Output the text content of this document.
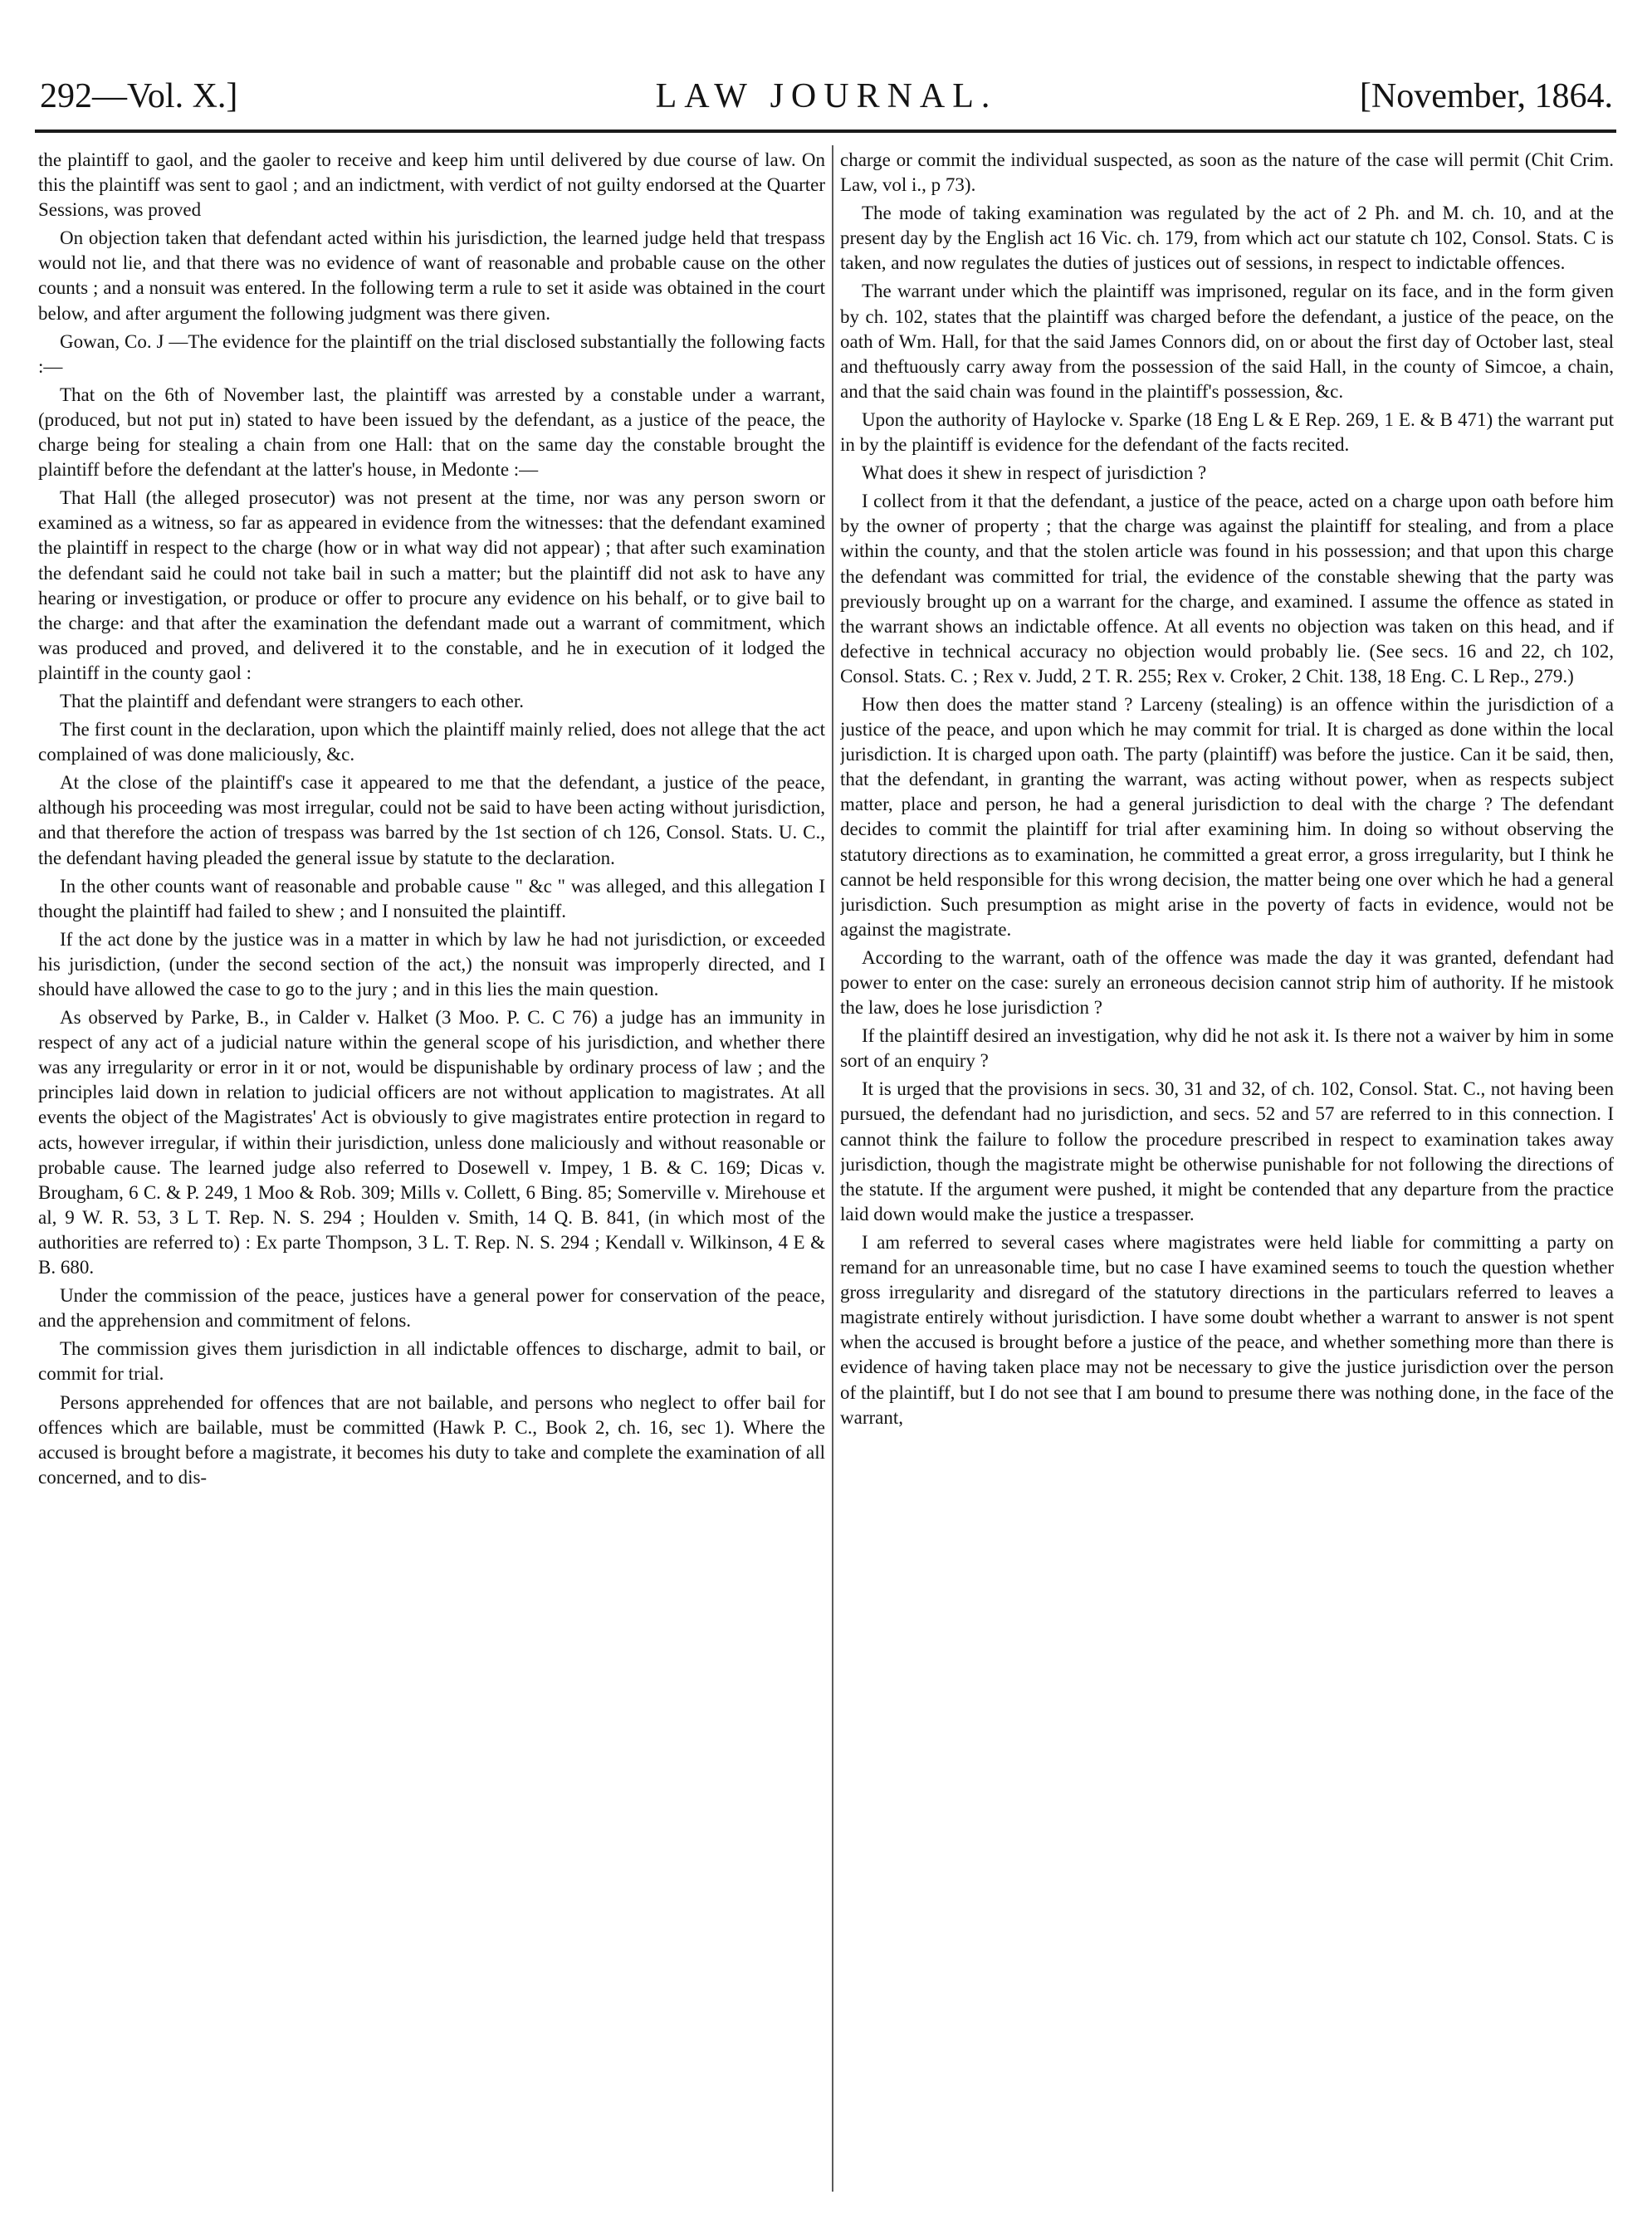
292—Vol. X.]	LAW JOURNAL.	[November, 1864.

the plaintiff to gaol, and the gaoler to receive and keep him until delivered by due course of law. On this the plaintiff was sent to gaol ; and an indictment, with verdict of not guilty endorsed at the Quarter Sessions, was proved

On objection taken that defendant acted within his jurisdiction, the learned judge held that trespass would not lie, and that there was no evidence of want of reasonable and probable cause on the other counts ; and a nonsuit was entered. In the following term a rule to set it aside was obtained in the court below, and after argument the following judgment was there given.

Gowan, Co. J —The evidence for the plaintiff on the trial disclosed substantially the following facts :—

That on the 6th of November last, the plaintiff was arrested by a constable under a warrant, (produced, but not put in) stated to have been issued by the defendant, as a justice of the peace, the charge being for stealing a chain from one Hall: that on the same day the constable brought the plaintiff before the defendant at the latter's house, in Medonte :—

That Hall (the alleged prosecutor) was not present at the time, nor was any person sworn or examined as a witness, so far as appeared in evidence from the witnesses: that the defendant examined the plaintiff in respect to the charge (how or in what way did not appear) ; that after such examination the defendant said he could not take bail in such a matter; but the plaintiff did not ask to have any hearing or investigation, or produce or offer to procure any evidence on his behalf, or to give bail to the charge: and that after the examination the defendant made out a warrant of commitment, which was produced and proved, and delivered it to the constable, and he in execution of it lodged the plaintiff in the county gaol :

That the plaintiff and defendant were strangers to each other.

The first count in the declaration, upon which the plaintiff mainly relied, does not allege that the act complained of was done maliciously, &c.

At the close of the plaintiff's case it appeared to me that the defendant, a justice of the peace, although his proceeding was most irregular, could not be said to have been acting without jurisdiction, and that therefore the action of trespass was barred by the 1st section of ch 126, Consol. Stats. U. C., the defendant having pleaded the general issue by statute to the declaration.

In the other counts want of reasonable and probable cause " &c " was alleged, and this allegation I thought the plaintiff had failed to shew ; and I nonsuited the plaintiff.

If the act done by the justice was in a matter in which by law he had not jurisdiction, or exceeded his jurisdiction, (under the second section of the act,) the nonsuit was improperly directed, and I should have allowed the case to go to the jury ; and in this lies the main question.

As observed by Parke, B., in Calder v. Halket (3 Moo. P. C. C 76) a judge has an immunity in respect of any act of a judicial nature within the general scope of his jurisdiction, and whether there was any irregularity or error in it or not, would be dispunishable by ordinary process of law ; and the principles laid down in relation to judicial officers are not without application to magistrates. At all events the object of the Magistrates' Act is obviously to give magistrates entire protection in regard to acts, however irregular, if within their jurisdiction, unless done maliciously and without reasonable or probable cause. The learned judge also referred to Dosewell v. Impey, 1 B. & C. 169; Dicas v. Brougham, 6 C. & P. 249, 1 Moo & Rob. 309; Mills v. Collett, 6 Bing. 85; Somerville v. Mirehouse et al, 9 W. R. 53, 3 L T. Rep. N. S. 294 ; Houlden v. Smith, 14 Q. B. 841, (in which most of the authorities are referred to) : Ex parte Thompson, 3 L. T. Rep. N. S. 294 ; Kendall v. Wilkinson, 4 E & B. 680.

Under the commission of the peace, justices have a general power for conservation of the peace, and the apprehension and commitment of felons.

The commission gives them jurisdiction in all indictable offences to discharge, admit to bail, or commit for trial.

Persons apprehended for offences that are not bailable, and persons who neglect to offer bail for offences which are bailable, must be committed (Hawk P. C., Book 2, ch. 16, sec 1). Where the accused is brought before a magistrate, it becomes his duty to take and complete the examination of all concerned, and to dis-

charge or commit the individual suspected, as soon as the nature of the case will permit (Chit Crim. Law, vol i., p 73).

The mode of taking examination was regulated by the act of 2 Ph. and M. ch. 10, and at the present day by the English act 16 Vic. ch. 179, from which act our statute ch 102, Consol. Stats. C is taken, and now regulates the duties of justices out of sessions, in respect to indictable offences.

The warrant under which the plaintiff was imprisoned, regular on its face, and in the form given by ch. 102, states that the plaintiff was charged before the defendant, a justice of the peace, on the oath of Wm. Hall, for that the said James Connors did, on or about the first day of October last, steal and theftuously carry away from the possession of the said Hall, in the county of Simcoe, a chain, and that the said chain was found in the plaintiff's possession, &c.

Upon the authority of Haylocke v. Sparke (18 Eng L & E Rep. 269, 1 E. & B 471) the warrant put in by the plaintiff is evidence for the defendant of the facts recited.

What does it shew in respect of jurisdiction ?

I collect from it that the defendant, a justice of the peace, acted on a charge upon oath before him by the owner of property ; that the charge was against the plaintiff for stealing, and from a place within the county, and that the stolen article was found in his possession; and that upon this charge the defendant was committed for trial, the evidence of the constable shewing that the party was previously brought up on a warrant for the charge, and examined. I assume the offence as stated in the warrant shows an indictable offence. At all events no objection was taken on this head, and if defective in technical accuracy no objection would probably lie. (See secs. 16 and 22, ch 102, Consol. Stats. C. ; Rex v. Judd, 2 T. R. 255; Rex v. Croker, 2 Chit. 138, 18 Eng. C. L Rep., 279.)

How then does the matter stand ? Larceny (stealing) is an offence within the jurisdiction of a justice of the peace, and upon which he may commit for trial. It is charged as done within the local jurisdiction. It is charged upon oath. The party (plaintiff) was before the justice. Can it be said, then, that the defendant, in granting the warrant, was acting without power, when as respects subject matter, place and person, he had a general jurisdiction to deal with the charge ? The defendant decides to commit the plaintiff for trial after examining him. In doing so without observing the statutory directions as to examination, he committed a great error, a gross irregularity, but I think he cannot be held responsible for this wrong decision, the matter being one over which he had a general jurisdiction. Such presumption as might arise in the poverty of facts in evidence, would not be against the magistrate.

According to the warrant, oath of the offence was made the day it was granted, defendant had power to enter on the case: surely an erroneous decision cannot strip him of authority. If he mistook the law, does he lose jurisdiction ?

If the plaintiff desired an investigation, why did he not ask it. Is there not a waiver by him in some sort of an enquiry ?

It is urged that the provisions in secs. 30, 31 and 32, of ch. 102, Consol. Stat. C., not having been pursued, the defendant had no jurisdiction, and secs. 52 and 57 are referred to in this connection. I cannot think the failure to follow the procedure prescribed in respect to examination takes away jurisdiction, though the magistrate might be otherwise punishable for not following the directions of the statute. If the argument were pushed, it might be contended that any departure from the practice laid down would make the justice a trespasser.

I am referred to several cases where magistrates were held liable for committing a party on remand for an unreasonable time, but no case I have examined seems to touch the question whether gross irregularity and disregard of the statutory directions in the particulars referred to leaves a magistrate entirely without jurisdiction. I have some doubt whether a warrant to answer is not spent when the accused is brought before a justice of the peace, and whether something more than there is evidence of having taken place may not be necessary to give the justice jurisdiction over the person of the plaintiff, but I do not see that I am bound to presume there was nothing done, in the face of the warrant,
